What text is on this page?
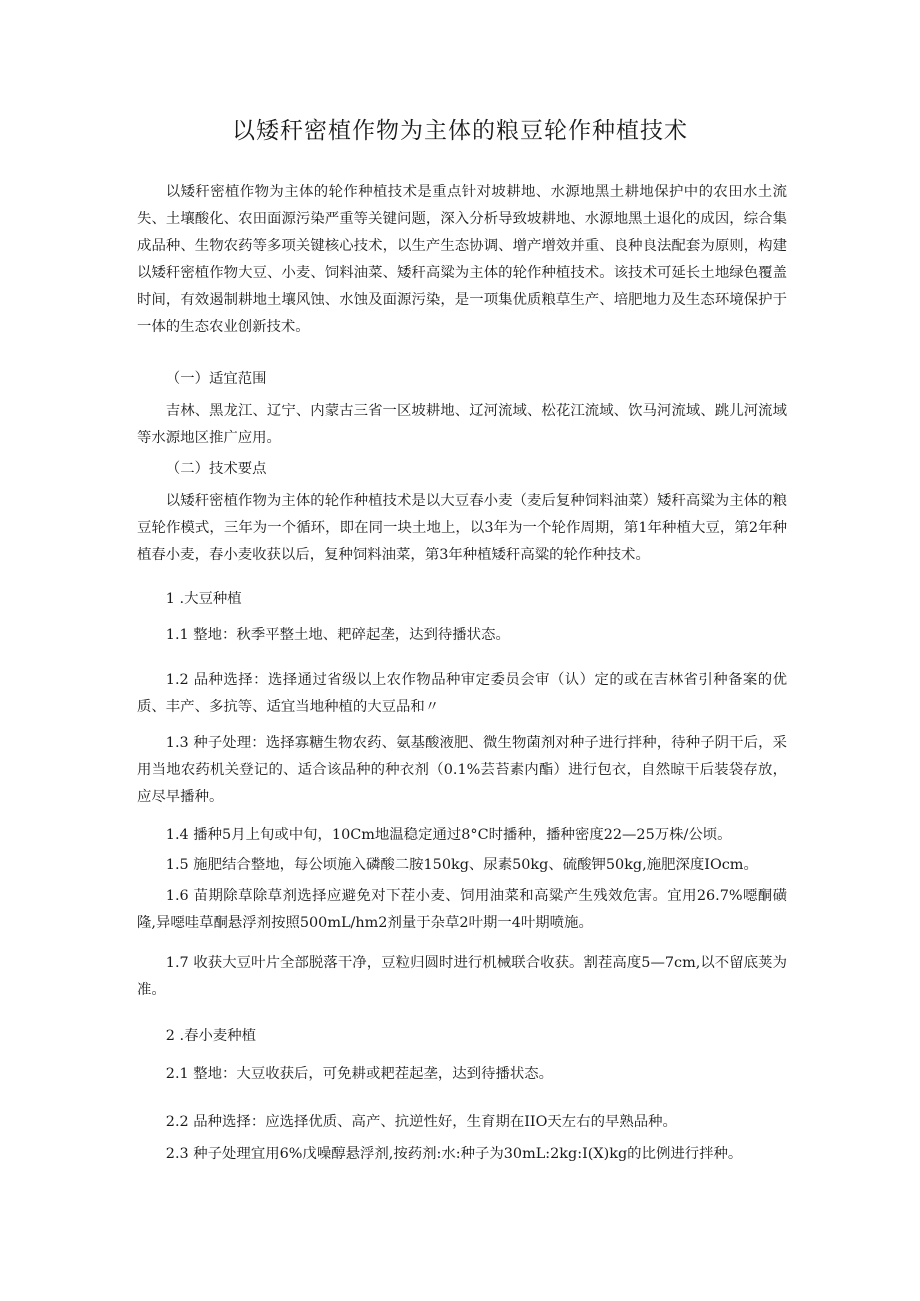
以矮秆密植作物为主体的粮豆轮作种植技术

以矮秆密植作物为主体的轮作种植技术是重点针对坡耕地、水源地黑土耕地保护中的农田水土流失、土壤酸化、农田面源污染严重等关键问题，深入分析导致坡耕地、水源地黑土退化的成因，综合集成品种、生物农药等多项关键核心技术，以生产生态协调、增产增效并重、良种良法配套为原则，构建以矮秆密植作物大豆、小麦、饲料油菜、矮秆高粱为主体的轮作种植技术。该技术可延长土地绿色覆盖时间，有效遏制耕地土壤风蚀、水蚀及面源污染，是一项集优质粮草生产、培肥地力及生态环境保护于一体的生态农业创新技术。

（一）适宜范围

吉林、黑龙江、辽宁、内蒙古三省一区坡耕地、辽河流域、松花江流域、饮马河流域、跳儿河流域等水源地区推广应用。

（二）技术要点

以矮秆密植作物为主体的轮作种植技术是以大豆春小麦（麦后复种饲料油菜）矮秆高粱为主体的粮豆轮作模式，三年为一个循环，即在同一块土地上，以3年为一个轮作周期，第1年种植大豆，第2年种植春小麦，春小麦收获以后，复种饲料油菜，第3年种植矮秆高粱的轮作种技术。

1 .大豆种植

1.1 整地：秋季平整土地、耙碎起垄，达到待播状态。

1.2 品种选择：选择通过省级以上农作物品种审定委员会审（认）定的或在吉林省引种备案的优质、丰产、多抗等、适宜当地种植的大豆品和〃

1.3 种子处理：选择寡糖生物农药、氨基酸液肥、微生物菌剂对种子进行拌种，待种子阴干后，采用当地农药机关登记的、适合该品种的种衣剂（0.1%芸苔素内酯）进行包衣，自然晾干后装袋存放，应尽早播种。

1.4 播种5月上旬或中旬，10Cm地温稳定通过8°C时播种，播种密度22—25万株/公顷。

1.5 施肥结合整地，每公顷施入磷酸二胺150kg、尿素50kg、硫酸钾50kg,施肥深度IOcm。

1.6 苗期除草除草剂选择应避免对下茬小麦、饲用油菜和高粱产生残效危害。宜用26.7%噁酮磺隆,异噁哇草酮悬浮剂按照500mL∕hm2剂量于杂草2叶期一4叶期喷施。

1.7 收获大豆叶片全部脱落干净，豆粒归圆时进行机械联合收获。割茬高度5—7cm,以不留底荚为准。

2 .春小麦种植

2.1 整地：大豆收获后，可免耕或耙茬起垄，达到待播状态。

2.2 品种选择：应选择优质、高产、抗逆性好，生育期在IIO天左右的早熟品种。

2.3 种子处理宜用6%戊噪醇悬浮剂,按药剂:水:种子为30mL:2kg:I(X)kg的比例进行拌种。
